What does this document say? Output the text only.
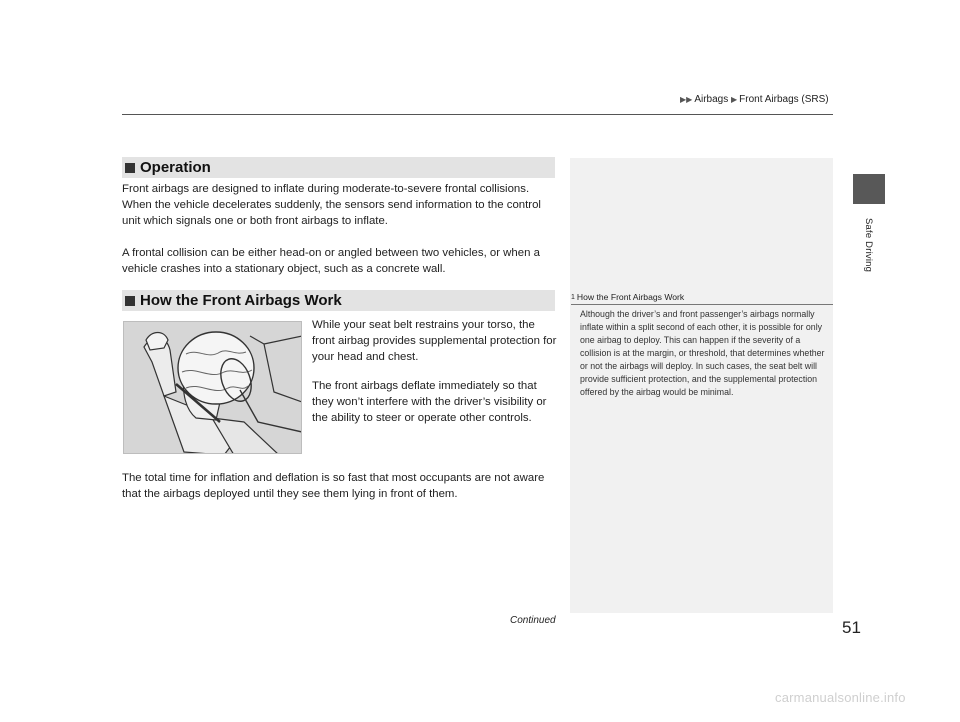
▶▶ Airbags ▶ Front Airbags (SRS)
Safe Driving
Operation

Front airbags are designed to inflate during moderate-to-severe frontal collisions. When the vehicle decelerates suddenly, the sensors send information to the control unit which signals one or both front airbags to inflate.

A frontal collision can be either head-on or angled between two vehicles, or when a vehicle crashes into a stationary object, such as a concrete wall.

How the Front Airbags Work

While your seat belt restrains your torso, the front airbag provides supplemental protection for your head and chest.

The front airbags deflate immediately so that they won’t interfere with the driver’s visibility or the ability to steer or operate other controls.

The total time for inflation and deflation is so fast that most occupants are not aware that the airbags deployed until they see them lying in front of them.

1 How the Front Airbags Work

Although the driver’s and front passenger’s airbags normally inflate within a split second of each other, it is possible for only one airbag to deploy. This can happen if the severity of a collision is at the margin, or threshold, that determines whether or not the airbags will deploy. In such cases, the seat belt will provide sufficient protection, and the supplemental protection offered by the airbag would be minimal.

Continued	51
carmanualsonline.info
